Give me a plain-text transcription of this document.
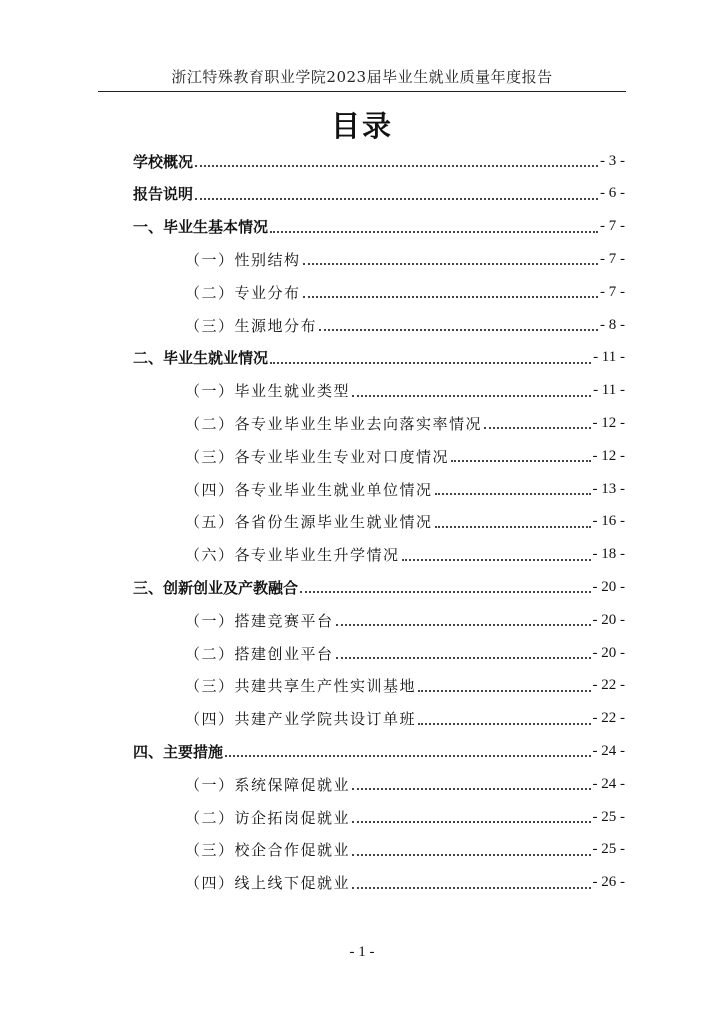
浙江特殊教育职业学院2023届毕业生就业质量年度报告
目录
学校概况	- 3 -
报告说明	- 6 -
一、毕业生基本情况	- 7 -
（一）性别结构	- 7 -
（二）专业分布	- 7 -
（三）生源地分布	- 8 -
二、毕业生就业情况	- 11 -
（一）毕业生就业类型	- 11 -
（二）各专业毕业生毕业去向落实率情况	- 12 -
（三）各专业毕业生专业对口度情况	- 12 -
（四）各专业毕业生就业单位情况	- 13 -
（五）各省份生源毕业生就业情况	- 16 -
（六）各专业毕业生升学情况	- 18 -
三、创新创业及产教融合	- 20 -
（一）搭建竞赛平台	- 20 -
（二）搭建创业平台	- 20 -
（三）共建共享生产性实训基地	- 22 -
（四）共建产业学院共设订单班	- 22 -
四、主要措施	- 24 -
（一）系统保障促就业	- 24 -
（二）访企拓岗促就业	- 25 -
（三）校企合作促就业	- 25 -
（四）线上线下促就业	- 26 -
- 1 -
